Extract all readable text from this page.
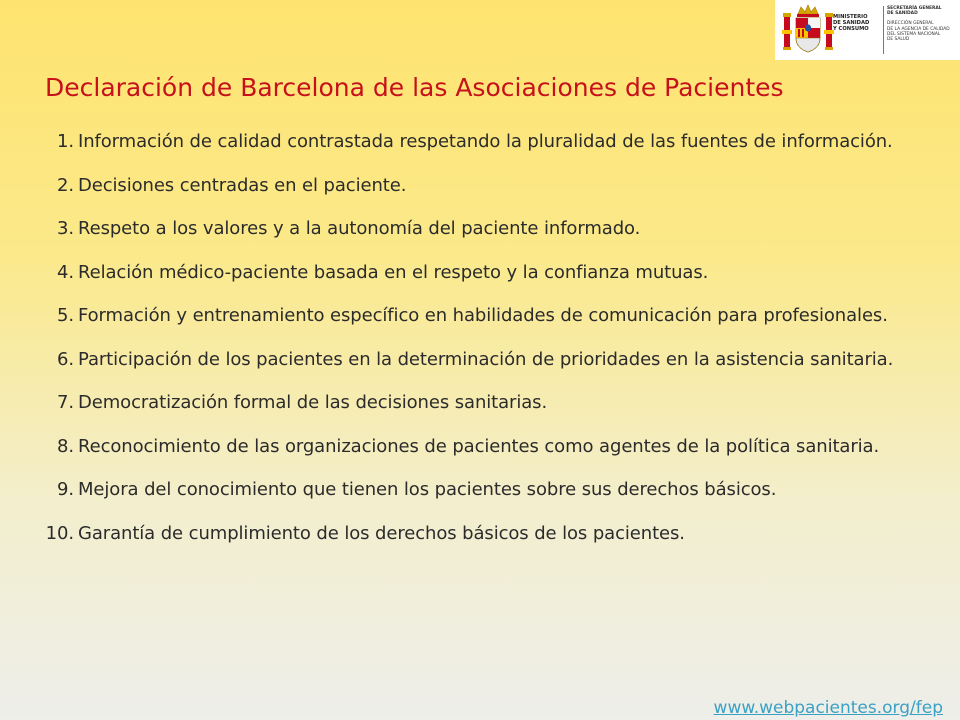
MINISTERIO
DE SANIDAD
Y CONSUMO
SECRETARÍA GENERAL
DE SANIDAD
DIRECCIÓN GENERAL
DE LA AGENCIA DE CALIDAD
DEL SISTEMA NACIONAL
DE SALUD
Declaración de Barcelona de las Asociaciones de Pacientes
1. Información de calidad contrastada respetando la pluralidad de las fuentes de información.
2. Decisiones centradas en el paciente.
3. Respeto a los valores y a la autonomía del paciente informado.
4. Relación médico-paciente basada en el respeto y la confianza mutuas.
5. Formación y entrenamiento específico en habilidades de comunicación para profesionales.
6. Participación de los pacientes en la determinación de prioridades en la asistencia sanitaria.
7. Democratización formal de las decisiones sanitarias.
8. Reconocimiento de las organizaciones de pacientes como agentes de la política sanitaria.
9. Mejora del conocimiento que tienen los pacientes sobre sus derechos básicos.
10. Garantía de cumplimiento de los derechos básicos de los pacientes.
www.webpacientes.org/fep
